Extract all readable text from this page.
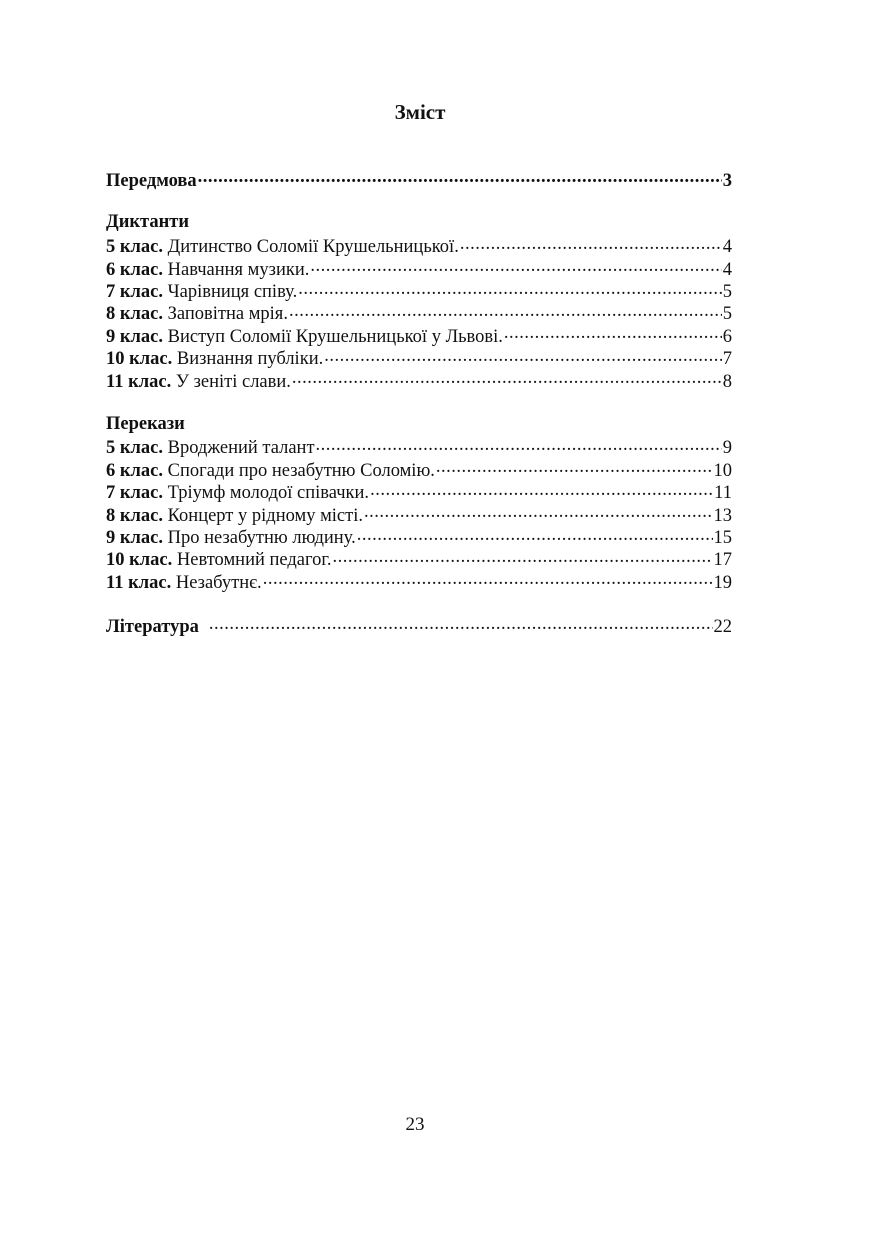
Зміст
Передмова .....	3
Диктанти
5 клас. Дитинство Соломії Крушельницької. .....	4
6 клас. Навчання музики. .....	4
7 клас. Чарівниця співу. .....	5
8 клас. Заповітна мрія. .....	5
9 клас. Виступ Соломії Крушельницької у Львові. .....	6
10 клас. Визнання публіки. .....	7
11 клас. У зеніті слави. .....	8
Перекази
5 клас. Вроджений талант .....	9
6 клас. Спогади про незабутню Соломію. .....	10
7 клас. Тріумф молодої співачки. .....	11
8 клас. Концерт у рідному місті. .....	13
9 клас. Про незабутню людину. .....	15
10 клас. Невтомний педагог. .....	17
11 клас. Незабутнє. .....	19
Література .....	22
23
